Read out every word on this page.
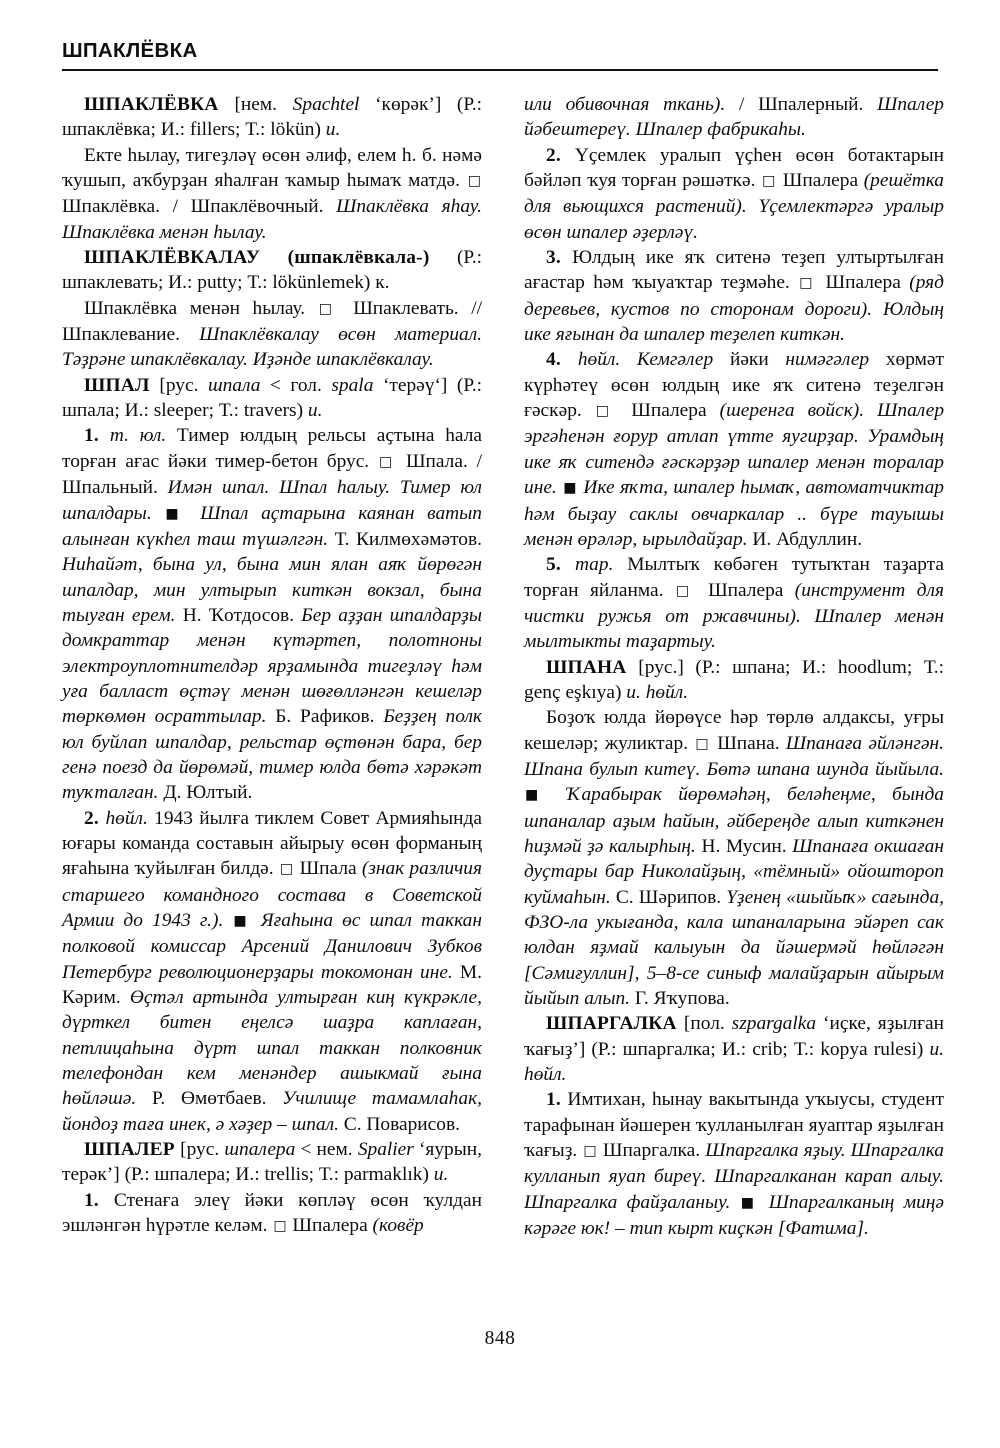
ШПАКЛЁВКА

ШПАКЛЁВКА [нем. Spachtel ‘көрәк’] (Р.: шпаклёвка; И.: fillers; Т.: lökün) и.

Екте һылау, тигеҙләү өсөн әлиф, елем һ. б. нәмә ҡушып, аҡбурҙан яһалған ҡамыр һымаҡ матдә. □ Шпаклёвка. / Шпаклёвочный. Шпаклёвка яһау. Шпаклёвка менән һылау.

ШПАКЛЁВКАЛАУ (шпаклёвкала-) (Р.: шпаклевать; И.: putty; Т.: lökünlemek) к.

Шпаклёвка менән һылау. □ Шпаклевать. // Шпаклевание. Шпаклёвкалау өсөн материал. Тәҙрәне шпаклёвкалау. Иҙәнде шпаклёвкалау.

ШПАЛ [рус. шпала < гол. spala ‘терәү‘] (Р.: шпала; И.: sleeper; Т.: travers) и.

1. т. юл. Тимер юлдың рельсы аҫтына һала торған ағас йәки тимер-бетон брус. □ Шпала. / Шпальный. Имән шпал. Шпал һалыу. Тимер юл шпалдары. ■ Шпал аҫтарына каянан ватып алынған күкһел таш түшәлгән. Т. Килмөхәмәтов. Ниһайәт, бына ул, бына мин ялан аяҡ йөрөгән шпалдар, мин ултырып киткән вокзал, бына тыуған ерем. Н. Ҡотдосов. Бер аҙҙан шпалдарҙы домкраттар менән күтәртеп, полотноны электроуплотнителдәр ярҙамында тигеҙләү һәм уға балласт өҫтәү менән шөғөлләнгән кешеләр төркөмөн осраттылар. Б. Рафиков. Беҙҙең полк юл буйлап шпалдар, рельстар өҫтөнән бара, бер генә поезд да йөрөмәй, тимер юлда бөтә хәрәкәт туҡталған. Д. Юлтый.

2. һөйл. 1943 йылға тиклем Совет Армияһында юғары команда составын айырыу өсөн форманың яғаһына ҡуйылған билдә. □ Шпала (знак различия старшего командного состава в Советской Армии до 1943 г.). ■ Яғаһына өс шпал таккан полковой комиссар Арсений Данилович Зубков Петербург революционерҙары токомонан ине. М. Кәрим. Өҫтәл артында ултырған киң күкрәкле, дүрткел битен еңелсә шаҙра каплаған, петлицаһына дүрт шпал таккан полковник телефондан кем менәндер ашыкмай ғына һөйләшә. Р. Өмөтбаев. Училище тамамлаһак, йондоҙ таға инек, ә хәҙер – шпал. С. Поварисов.

ШПАЛЕР [рус. шпалера < нем. Spalier ‘яурын, терәк’] (Р.: шпалера; И.: trellis; Т.: parmaklık) и.

1. Стенаға элеү йәки көпләү өсөн ҡулдан эшләнгән һүрәтле келәм. □ Шпалера (ковёр

или обивочная ткань). / Шпалерный. Шпалер йәбештереү. Шпалер фабрикаһы.

2. Үҫемлек уралып үҫһен өсөн ботактарын бәйләп ҡуя торған рәшәткә. □ Шпалера (решётка для вьющихся растений). Үҫемлектәргә уралыр өсөн шпалер әҙерләү.

3. Юлдың ике яҡ ситенә теҙеп ултыртылған ағастар һәм ҡыуаҡтар теҙмәһе. □ Шпалера (ряд деревьев, кустов по сторонам дороги). Юлдың ике яғынан да шпалер теҙелеп киткән.

4. һөйл. Кемгәлер йәки нимәгәлер хөрмәт күрһәтеү өсөн юлдың ике яҡ ситенә теҙелгән ғәскәр. □ Шпалера (шеренга войск). Шпалер эргәһенән ғорур атлап үтте яугирҙар. Урамдың ике яҡ ситендә ғәскәрҙәр шпалер менән торалар ине. ■ Ике яҡта, шпалер һымаҡ, автоматчиктар һәм быҙау саклы овчаркалар .. бүре тауышы менән өрәләр, ырылдайҙар. И. Абдуллин.

5. тар. Мылтыҡ көбәген тутыҡтан таҙарта торған яйланма. □ Шпалера (инструмент для чистки ружья от ржавчины). Шпалер менән мылтыкты таҙартыу.

ШПАНА [рус.] (Р.: шпана; И.: hoodlum; Т.: genç eşkıya) и. һөйл.

Боҙоҡ юлда йөрөүсе һәр төрлө алдаксы, уғры кешеләр; жуликтар. □ Шпана. Шпанаға әйләнгән. Шпана булып китеү. Бөтә шпана шунда йыйыла. ■ Ҡарабырак йөрөмәһәң, беләһеңме, бында шпаналар аҙым һайын, әйбереңде алып киткәнен һиҙмәй ҙә калырһың. Н. Мусин. Шпанаға окшаған дуҫтары бар Николайҙың, «тёмный» ойоштороп куймаһын. С. Шәрипов. Үҙенең «шыйыҡ» сағында, ФЗО-ла укығанда, кала шпаналарына эйәреп сак юлдан яҙмай калыуын да йәшермәй һөйләгән [Сәмиғуллин], 5–8-се синыф малайҙарын айырым йыйып алып. Г. Яҡупова.

ШПАРГАЛКА [пол. szpargalka ‘иҫке, яҙылған ҡағыҙ’] (Р.: шпаргалка; И.: crib; Т.: kopya rulesi) и. һөйл.

1. Имтихан, һынау вакытында уҡыусы, студент тарафынан йәшерен ҡулланылған яуаптар яҙылған ҡағыҙ. □ Шпаргалка. Шпаргалка яҙыу. Шпаргалка кулланып яуап биреү. Шпаргалканан карап алыу. Шпаргалка файҙаланыу. ■ Шпаргалканың миңә кәрәге юк! – тип кырт киҫкән [Фатима].

848
